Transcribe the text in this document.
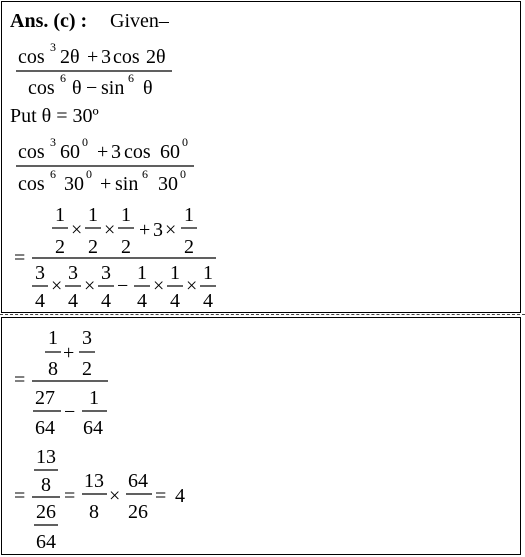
Ans. (c) : Given–
cos 3 2θ + 3 cos 2θ
cos 6 θ − sin 6 θ
Put θ = 30º
cos 3 60 0 + 3 cos 60 0
cos 6 30 0 + sin 6 30 0
=
1
2
×
1
2
×
1
2
+ 3 ×
1
2
3
4
×
3
4
×
3
4
−
1
4
×
1
4
×
1
4
=
1
8
+
3
2
27
64
−
1
64
=
13
8
26
64
=
13
8
×
64
26
= 4
